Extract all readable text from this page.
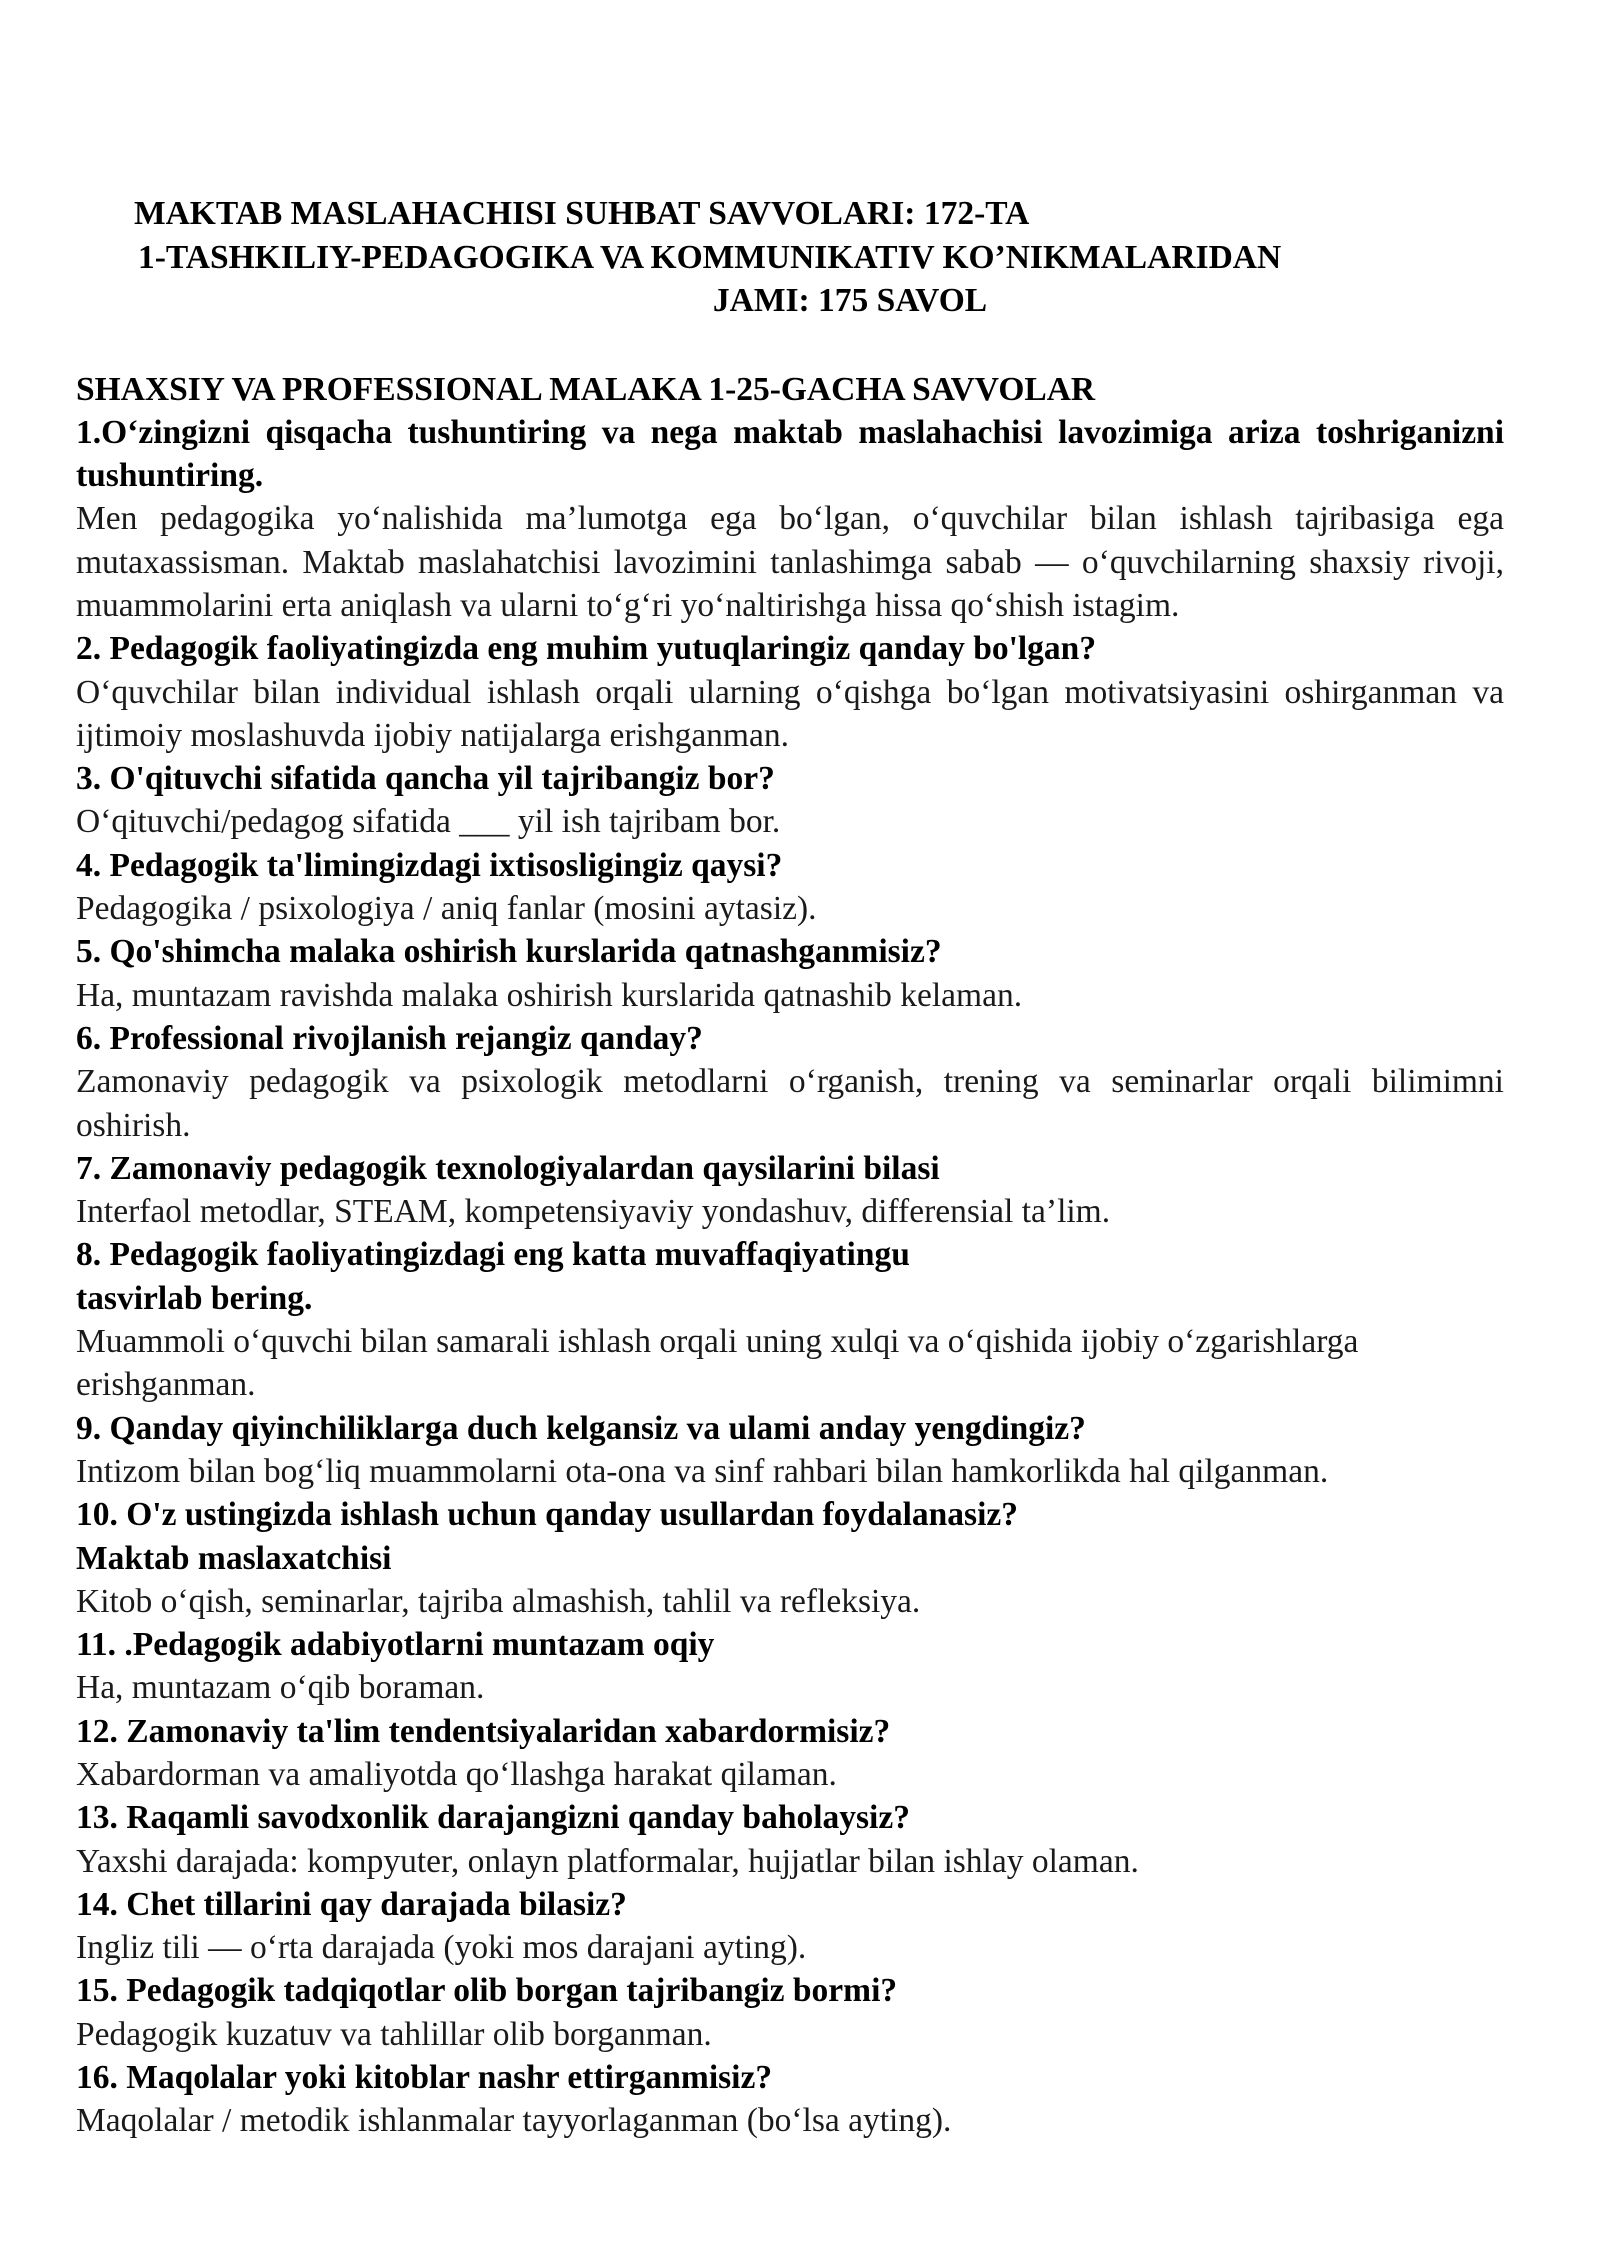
MAKTAB MASLAHACHISI SUHBAT SAVVOLARI: 172-TA
1-TASHKILIY-PEDAGOGIKA VA KOMMUNIKATIV KO’NIKMALARIDAN
JAMI: 175 SAVOL
SHAXSIY VA PROFESSIONAL MALAKA 1-25-GACHA SAVVOLAR
1.O‘zingizni qisqacha tushuntiring va nega maktab maslahachisi lavozimiga ariza toshriganizni tushuntiring.
Men pedagogika yo‘nalishida ma’lumotga ega bo‘lgan, o‘quvchilar bilan ishlash tajribasiga ega mutaxassisman. Maktab maslahatchisi lavozimini tanlashimga sabab — o‘quvchilarning shaxsiy rivoji, muammolarini erta aniqlash va ularni to‘g‘ri yo‘naltirishga hissa qo‘shish istagim.
2. Pedagogik faoliyatingizda eng muhim yutuqlaringiz qanday bo'lgan?
O‘quvchilar bilan individual ishlash orqali ularning o‘qishga bo‘lgan motivatsiyasini oshirganman va ijtimoiy moslashuvda ijobiy natijalarga erishganman.
3. O'qituvchi sifatida qancha yil tajribangiz bor?
O‘qituvchi/pedagog sifatida ___ yil ish tajribam bor.
4. Pedagogik ta'limingizdagi ixtisosligingiz qaysi?
Pedagogika / psixologiya / aniq fanlar (mosini aytasiz).
5. Qo'shimcha malaka oshirish kurslarida qatnashganmisiz?
Ha, muntazam ravishda malaka oshirish kurslarida qatnashib kelaman.
6. Professional rivojlanish rejangiz qanday?
Zamonaviy pedagogik va psixologik metodlarni o‘rganish, trening va seminarlar orqali bilimimni oshirish.
7. Zamonaviy pedagogik texnologiyalardan qaysilarini bilasi
Interfaol metodlar, STEAM, kompetensiyaviy yondashuv, differensial ta’lim.
8. Pedagogik faoliyatingizdagi eng katta muvaffaqiyatingu
tasvirlab bering.
Muammoli o‘quvchi bilan samarali ishlash orqali uning xulqi va o‘qishida ijobiy o‘zgarishlarga erishganman.
9. Qanday qiyinchiliklarga duch kelgansiz va ulami anday yengdingiz?
Intizom bilan bog‘liq muammolarni ota-ona va sinf rahbari bilan hamkorlikda hal qilganman.
10. O'z ustingizda ishlash uchun qanday usullardan foydalanasiz?
Maktab maslaxatchisi
Kitob o‘qish, seminarlar, tajriba almashish, tahlil va refleksiya.
11. .Pedagogik adabiyotlarni muntazam oqiy
Ha, muntazam o‘qib boraman.
12. Zamonaviy ta'lim tendentsiyalaridan xabardormisiz?
Xabardorman va amaliyotda qo‘llashga harakat qilaman.
13. Raqamli savodxonlik darajangizni qanday baholaysiz?
Yaxshi darajada: kompyuter, onlayn platformalar, hujjatlar bilan ishlay olaman.
14. Chet tillarini qay darajada bilasiz?
Ingliz tili — o‘rta darajada (yoki mos darajani ayting).
15. Pedagogik tadqiqotlar olib borgan tajribangiz bormi?
Pedagogik kuzatuv va tahlillar olib borganman.
16. Maqolalar yoki kitoblar nashr ettirganmisiz?
Maqolalar / metodik ishlanmalar tayyorlaganman (bo‘lsa ayting).
